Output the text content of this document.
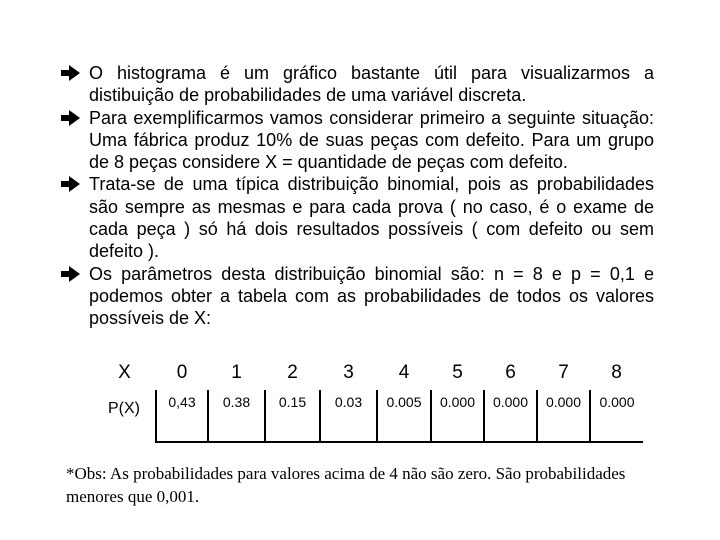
O histograma é um gráfico bastante útil para visualizarmos a distibuição de probabilidades de uma variável discreta.
Para exemplificarmos vamos considerar primeiro a seguinte situação: Uma fábrica produz 10% de suas peças com defeito. Para um grupo de 8 peças considere X = quantidade de peças com defeito.
Trata-se de uma típica distribuição binomial, pois as probabilidades são sempre as mesmas e para cada prova ( no caso, é o exame de cada peça ) só há dois resultados possíveis ( com defeito ou sem defeito ).
Os parâmetros desta distribuição binomial são: n = 8 e p = 0,1 e podemos obter a tabela com as probabilidades de todos os valores possíveis de X:
X	0	1	2	3	4	5	6	7	8
P(X)	0,43	0.38	0.15	0.03	0.005	0.000	0.000	0.000	0.000
*Obs: As probabilidades para valores acima de 4 não são zero. São probabilidades menores que 0,001.
